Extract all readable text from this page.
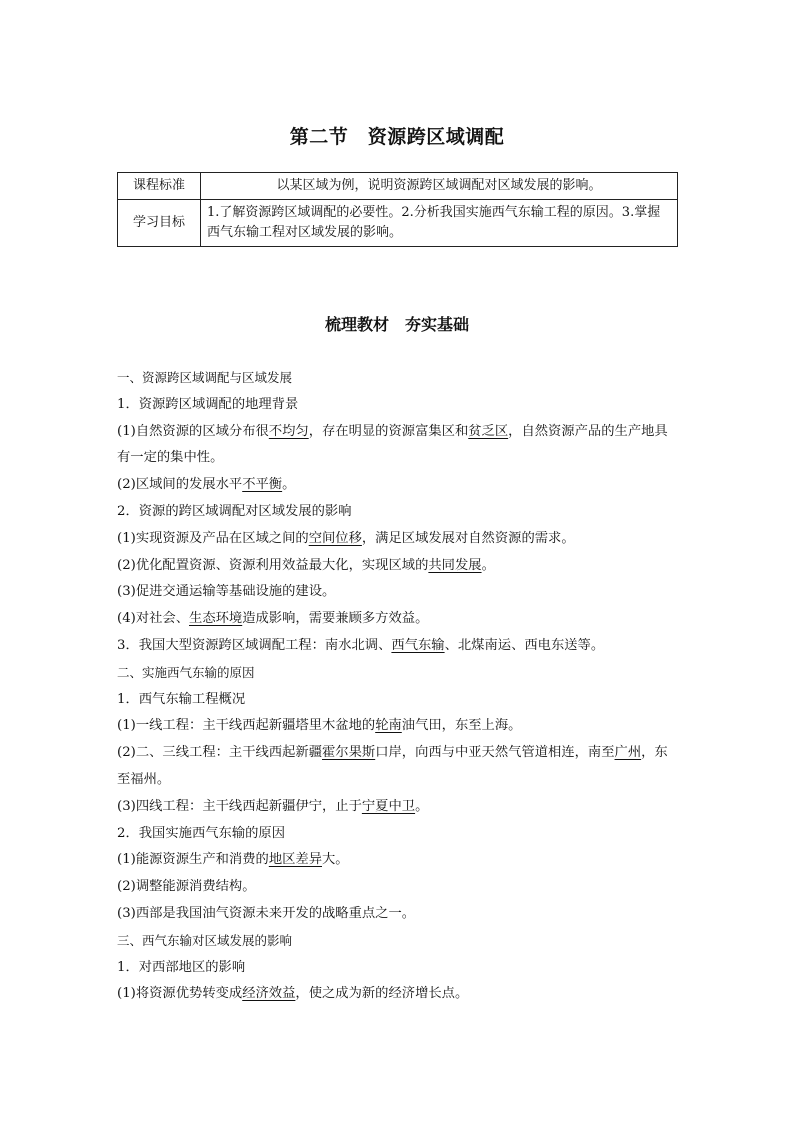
第二节　资源跨区域调配
课程标准	以某区域为例，说明资源跨区域调配对区域发展的影响。
学习目标	1.了解资源跨区域调配的必要性。2.分析我国实施西气东输工程的原因。3.掌握西气东输工程对区域发展的影响。
梳理教材　夯实基础

一、资源跨区域调配与区域发展

1．资源跨区域调配的地理背景

(1)自然资源的区域分布很不均匀，存在明显的资源富集区和贫乏区，自然资源产品的生产地具有一定的集中性。

(2)区域间的发展水平不平衡。

2．资源的跨区域调配对区域发展的影响

(1)实现资源及产品在区域之间的空间位移，满足区域发展对自然资源的需求。

(2)优化配置资源、资源利用效益最大化，实现区域的共同发展。

(3)促进交通运输等基础设施的建设。

(4)对社会、生态环境造成影响，需要兼顾多方效益。

3．我国大型资源跨区域调配工程：南水北调、西气东输、北煤南运、西电东送等。

二、实施西气东输的原因

1．西气东输工程概况

(1)一线工程：主干线西起新疆塔里木盆地的轮南油气田，东至上海。

(2)二、三线工程：主干线西起新疆霍尔果斯口岸，向西与中亚天然气管道相连，南至广州，东至福州。

(3)四线工程：主干线西起新疆伊宁，止于宁夏中卫。

2．我国实施西气东输的原因

(1)能源资源生产和消费的地区差异大。

(2)调整能源消费结构。

(3)西部是我国油气资源未来开发的战略重点之一。

三、西气东输对区域发展的影响

1．对西部地区的影响

(1)将资源优势转变成经济效益，使之成为新的经济增长点。
